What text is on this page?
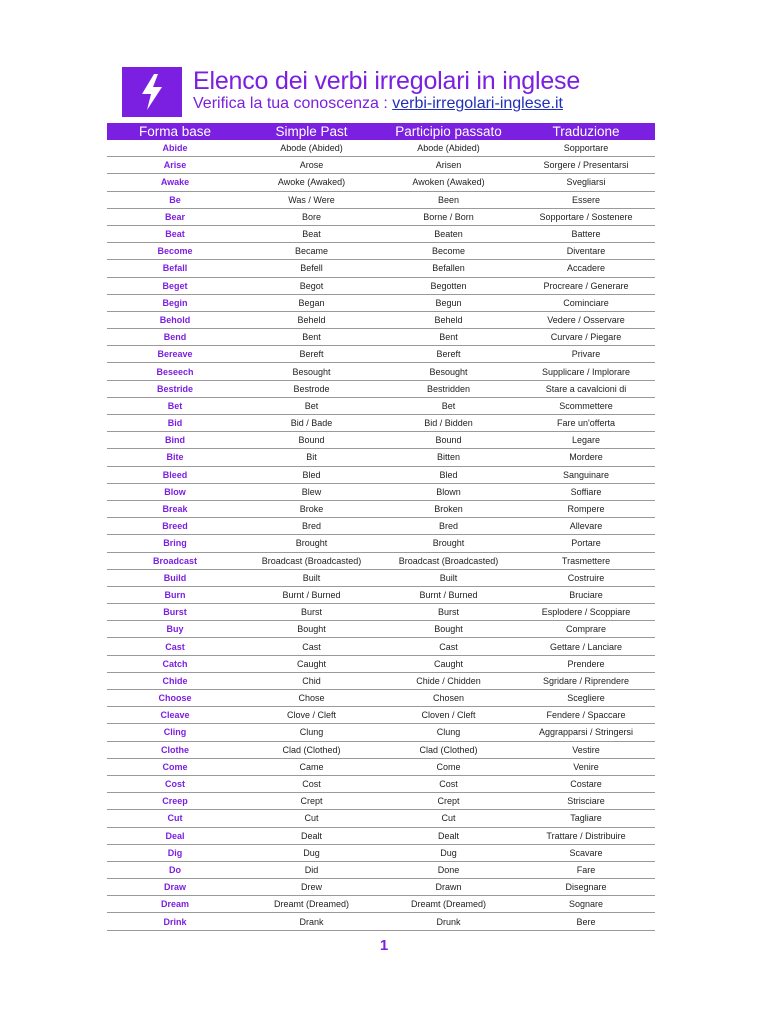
Elenco dei verbi irregolari in inglese
Verifica la tua conoscenza : verbi-irregolari-inglese.it
Forma base	Simple Past	Participio passato	Traduzione
Abide	Abode (Abided)	Abode (Abided)	Sopportare
Arise	Arose	Arisen	Sorgere / Presentarsi
Awake	Awoke (Awaked)	Awoken (Awaked)	Svegliarsi
Be	Was / Were	Been	Essere
Bear	Bore	Borne / Born	Sopportare / Sostenere
Beat	Beat	Beaten	Battere
Become	Became	Become	Diventare
Befall	Befell	Befallen	Accadere
Beget	Begot	Begotten	Procreare / Generare
Begin	Began	Begun	Cominciare
Behold	Beheld	Beheld	Vedere / Osservare
Bend	Bent	Bent	Curvare / Piegare
Bereave	Bereft	Bereft	Privare
Beseech	Besought	Besought	Supplicare / Implorare
Bestride	Bestrode	Bestridden	Stare a cavalcioni di
Bet	Bet	Bet	Scommettere
Bid	Bid / Bade	Bid / Bidden	Fare un'offerta
Bind	Bound	Bound	Legare
Bite	Bit	Bitten	Mordere
Bleed	Bled	Bled	Sanguinare
Blow	Blew	Blown	Soffiare
Break	Broke	Broken	Rompere
Breed	Bred	Bred	Allevare
Bring	Brought	Brought	Portare
Broadcast	Broadcast (Broadcasted)	Broadcast (Broadcasted)	Trasmettere
Build	Built	Built	Costruire
Burn	Burnt / Burned	Burnt / Burned	Bruciare
Burst	Burst	Burst	Esplodere / Scoppiare
Buy	Bought	Bought	Comprare
Cast	Cast	Cast	Gettare / Lanciare
Catch	Caught	Caught	Prendere
Chide	Chid	Chide / Chidden	Sgridare / Riprendere
Choose	Chose	Chosen	Scegliere
Cleave	Clove / Cleft	Cloven / Cleft	Fendere / Spaccare
Cling	Clung	Clung	Aggrapparsi / Stringersi
Clothe	Clad (Clothed)	Clad (Clothed)	Vestire
Come	Came	Come	Venire
Cost	Cost	Cost	Costare
Creep	Crept	Crept	Strisciare
Cut	Cut	Cut	Tagliare
Deal	Dealt	Dealt	Trattare / Distribuire
Dig	Dug	Dug	Scavare
Do	Did	Done	Fare
Draw	Drew	Drawn	Disegnare
Dream	Dreamt (Dreamed)	Dreamt (Dreamed)	Sognare
Drink	Drank	Drunk	Bere
1
